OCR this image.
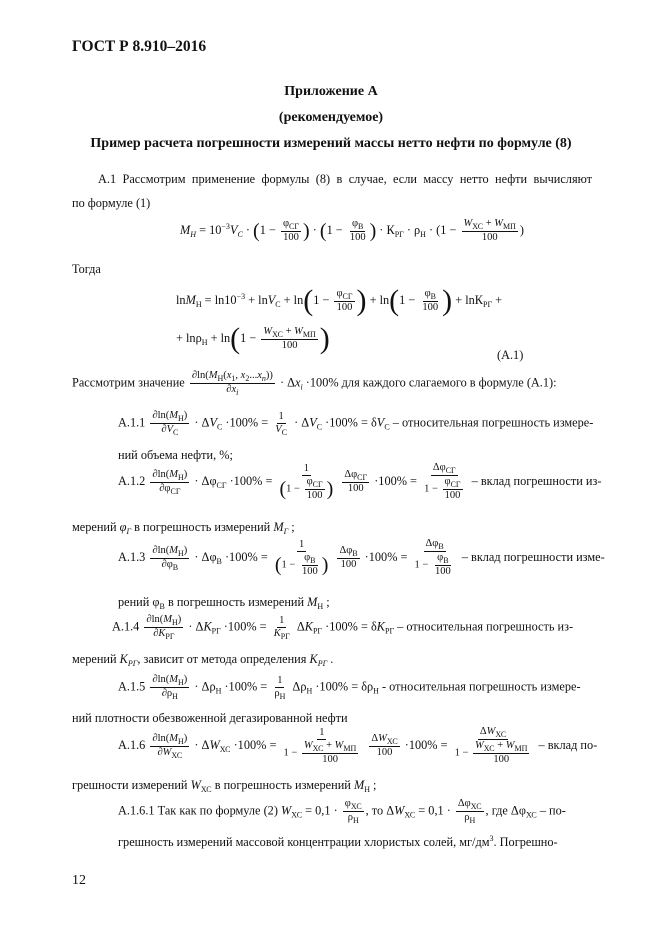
ГОСТ Р 8.910–2016
Приложение А
(рекомендуемое)
Пример расчета погрешности измерений массы нетто нефти по формуле (8)
А.1 Рассмотрим применение формулы (8) в случае, если массу нетто нефти вычисляют
по формуле (1)
$M_Н = 10^{-3}V_С \cdot (1 - \varphi_{СГ}$
100 ) · ($1 - \varphi_В$
100 ) · $К_{РГ} \cdot \rho_Н \cdot (1 - W_{ХС} + W_{МП}$
100
)
Тогда
$\ln M_Н = \ln 10^{-3} + \ln V_С + \ln(1 - \varphi_{СГ}$
100 ) + $\ln(1 - \varphi_В$
100 ) + lnК$_{РГ}$ +
+ $\ln\rho_Н + \ln(1 - W_{ХС} + W_{МП}$
100 )	(А.1)
Рассмотрим значение
$\partial\ln(M_Н(x_1$, $x_2...x_n$))
$\partial x_i$
· $\Delta x_i \cdot 100\%$ для каждого слагаемого в формуле (А.1):
А.1.1
$\partial\ln(M_Н)$
$\partial V_С$
· $\Delta V_С \cdot 100\% = 1$
$V_С$
· $\Delta V_С \cdot 100\% = \delta V_С$ – относительная погрешность измере-
ний объема нефти, %;
А.1.2
$\partial\ln(M_Н)$
$\partial\varphi_{СГ}$
· $\Delta\varphi_{СГ} \cdot 100\%$ =
1
(1 −
$\varphi_{СГ}$
100 )

$\Delta\varphi_{СГ}$
100
·100% =
$\Delta\varphi_{СГ}$
1 −
$\varphi_{СГ}$
100
– вклад погрешности из-
мерений $\varphi_Г$ в погрешность измерений $M_Г$ ;
А.1.3
$\partial\ln(M_Н)$
$\partial\varphi_В$
· $\Delta\varphi_В \cdot 100\%$ =
1
(1 −
$\varphi_В$
100 )

$\Delta\varphi_В$
100
·100% =
$\Delta\varphi_В$
1 −
$\varphi_В$
100
– вклад погрешности изме-
рений $\varphi_В$ в погрешность измерений $M_Н$ ;
А.1.4
$\partial\ln(M_Н)$
$\partial K_{РГ}$
· $\Delta K_{РГ} \cdot 100\% = 1$
$K_{РГ}$
$\Delta K_{РГ} \cdot 100\% = \delta K_{РГ}$ – относительная погрешность из-
мерений $K_{РГ}$, зависит от метода определения $K_{РГ}$ .
А.1.5
$\partial\ln(M_Н)$
$\partial\rho_Н$
· $\Delta\rho_Н \cdot 100\% = 1$
$\rho_Н$
$\Delta\rho_Н \cdot 100\% = \delta\rho_Н$ - относительная погрешность измере-
ний плотности обезвоженной дегазированной нефти
А.1.6
$\partial\ln(M_Н)$
$\partial W_{ХС}$
· $\Delta W_{ХС} \cdot 100\%$ =
1
1 −
$W_{ХС} + W_{МП}$
100

$\Delta W_{ХС}$
100
·100% =
$\Delta W_{ХС}$
1 −
$W_{ХС} + W_{МП}$
100
– вклад по-
грешности измерений $W_{ХС}$ в погрешность измерений $M_Н$ ;
А.1.6.1 Так как по формуле (2) $W_{ХС} = 0,1$ ·
$\varphi_{ХС}$
$\rho_Н$
, то $\Delta W_{ХС} = 0,1$ ·
$\Delta\varphi_{ХС}$
$\rho_Н$
, где $\Delta\varphi_{ХС} - по-$
грешность измерений массовой концентрации хлористых солей, $мг/дм^3$. Погрешно-
12
